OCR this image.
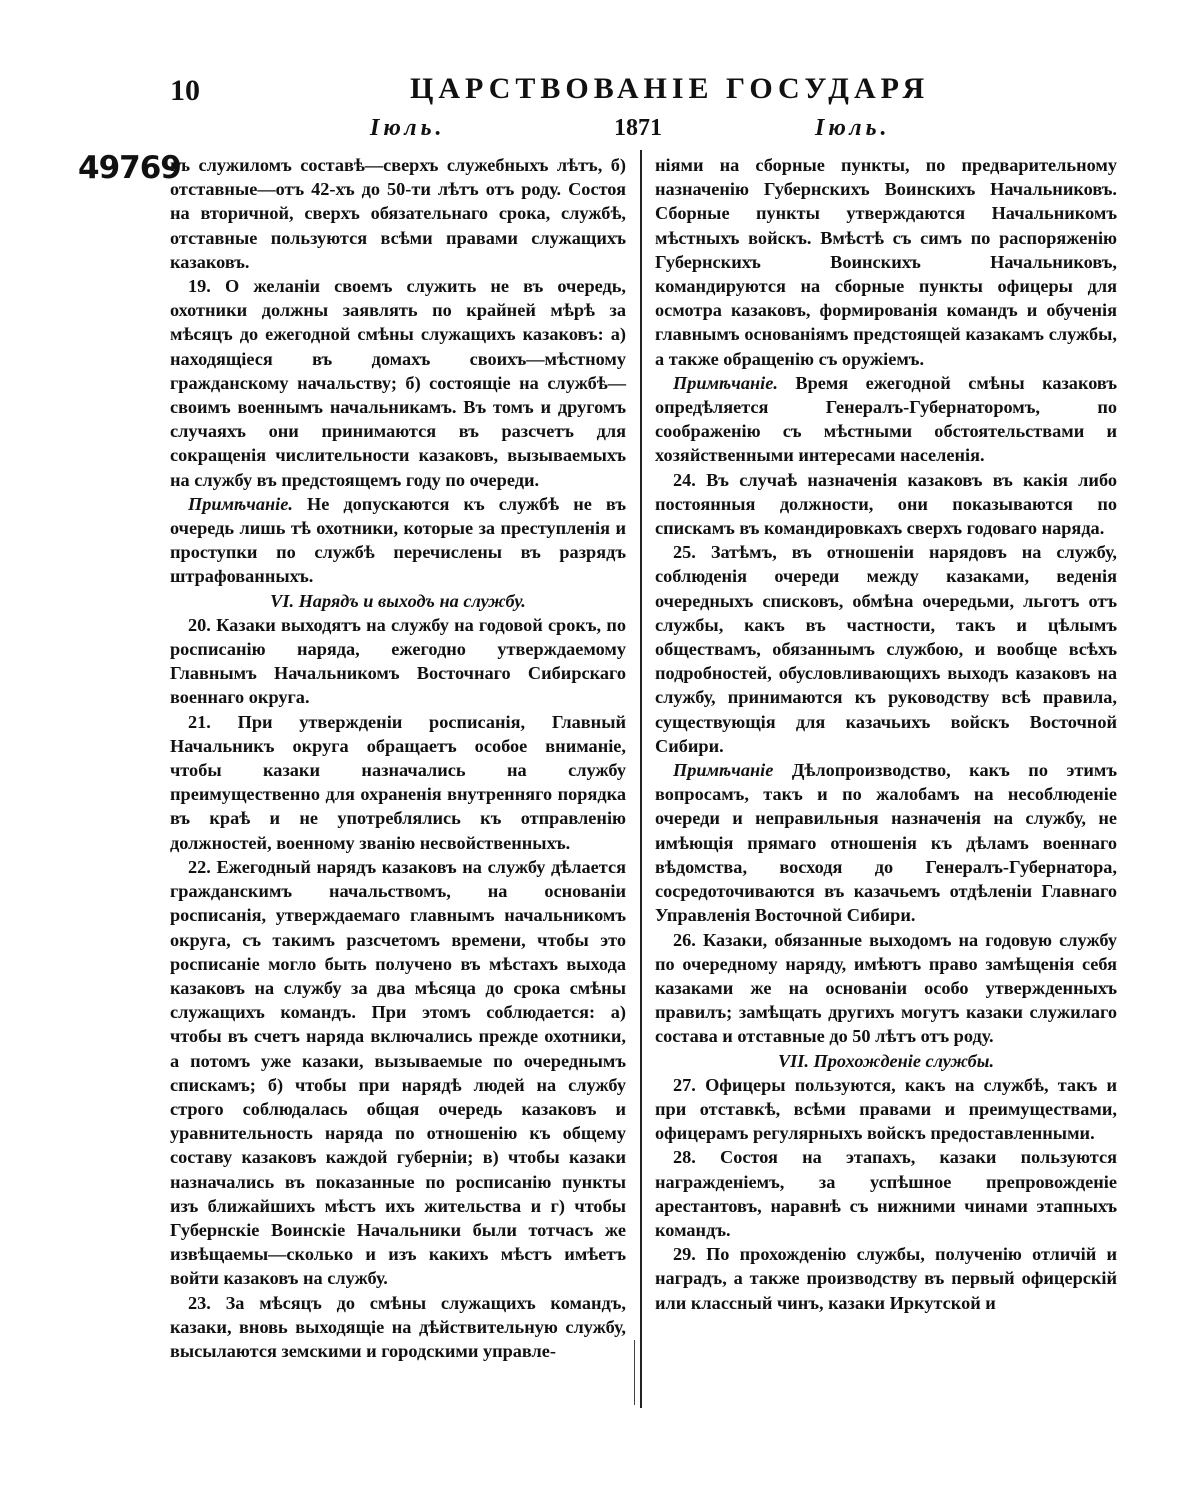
10	ЦАРСТВОВАНІЕ ГОСУДАРЯ
Іюль.	1871	Іюль.
49769

въ служиломъ составѣ—сверхъ служебныхъ лѣтъ, б) отставные—отъ 42-хъ до 50-ти лѣтъ отъ роду. Состоя на вторичной, сверхъ обязательнаго срока, службѣ, отставные пользуются всѣми правами служащихъ казаковъ.

19. О желаніи своемъ служить не въ очередь, охотники должны заявлять по крайней мѣрѣ за мѣсяцъ до ежегодной смѣны служащихъ казаковъ: а) находящіеся въ домахъ своихъ—мѣстному гражданскому начальству; б) состоящіе на службѣ—своимъ военнымъ начальникамъ. Въ томъ и другомъ случаяхъ они принимаются въ разсчетъ для сокращенія числительности казаковъ, вызываемыхъ на службу въ предстоящемъ году по очереди.

Примѣчаніе. Не допускаются къ службѣ не въ очередь лишь тѣ охотники, которые за преступленія и проступки по службѣ перечислены въ разрядъ штрафованныхъ.

VI. Нарядъ и выходъ на службу.

20. Казаки выходятъ на службу на годовой срокъ, по росписанію наряда, ежегодно утверждаемому Главнымъ Начальникомъ Восточнаго Сибирскаго военнаго округа.

21. При утвержденіи росписанія, Главный Начальникъ округа обращаетъ особое вниманіе, чтобы казаки назначались на службу преимущественно для охраненія внутренняго порядка въ краѣ и не употреблялись къ отправленію должностей, военному званію несвойственныхъ.

22. Ежегодный нарядъ казаковъ на службу дѣлается гражданскимъ начальствомъ, на основаніи росписанія, утверждаемаго главнымъ начальникомъ округа, съ такимъ разсчетомъ времени, чтобы это росписаніе могло быть получено въ мѣстахъ выхода казаковъ на службу за два мѣсяца до срока смѣны служащихъ командъ. При этомъ соблюдается: а) чтобы въ счетъ наряда включались прежде охотники, а потомъ уже казаки, вызываемые по очереднымъ спискамъ; б) чтобы при нарядѣ людей на службу строго соблюдалась общая очередь казаковъ и уравнительность наряда по отношенію къ общему составу казаковъ каждой губерніи; в) чтобы казаки назначались въ показанные по росписанію пункты изъ ближайшихъ мѣстъ ихъ жительства и г) чтобы Губернскіе Воинскіе Начальники были тотчасъ же извѣщаемы—сколько и изъ какихъ мѣстъ имѣетъ войти казаковъ на службу.

23. За мѣсяцъ до смѣны служащихъ командъ, казаки, вновь выходящіе на дѣйствительную службу, высылаются земскими и городскими управле-

ніями на сборные пункты, по предварительному назначенію Губернскихъ Воинскихъ Начальниковъ. Сборные пункты утверждаются Начальникомъ мѣстныхъ войскъ. Вмѣстѣ съ симъ по распоряженію Губернскихъ Воинскихъ Начальниковъ, командируются на сборные пункты офицеры для осмотра казаковъ, формированія командъ и обученія главнымъ основаніямъ предстоящей казакамъ службы, а также обращенію съ оружіемъ.

Примѣчаніе. Время ежегодной смѣны казаковъ опредѣляется Генералъ-Губернаторомъ, по соображенію съ мѣстными обстоятельствами и хозяйственными интересами населенія.

24. Въ случаѣ назначенія казаковъ въ какія либо постоянныя должности, они показываются по спискамъ въ командировкахъ сверхъ годоваго наряда.

25. Затѣмъ, въ отношеніи нарядовъ на службу, соблюденія очереди между казаками, веденія очередныхъ списковъ, обмѣна очередьми, льготъ отъ службы, какъ въ частности, такъ и цѣлымъ обществамъ, обязаннымъ службою, и вообще всѣхъ подробностей, обусловливающихъ выходъ казаковъ на службу, принимаются къ руководству всѣ правила, существующія для казачьихъ войскъ Восточной Сибири.

Примѣчаніе Дѣлопроизводство, какъ по этимъ вопросамъ, такъ и по жалобамъ на несоблюденіе очереди и неправильныя назначенія на службу, не имѣющія прямаго отношенія къ дѣламъ военнаго вѣдомства, восходя до Генералъ-Губернатора, сосредоточиваются въ казачьемъ отдѣленіи Главнаго Управленія Восточной Сибири.

26. Казаки, обязанные выходомъ на годовую службу по очередному наряду, имѣютъ право замѣщенія себя казаками же на основаніи особо утвержденныхъ правилъ; замѣщать другихъ могутъ казаки служилаго состава и отставные до 50 лѣтъ отъ роду.

VII. Прохожденіе службы.

27. Офицеры пользуются, какъ на службѣ, такъ и при отставкѣ, всѣми правами и преимуществами, офицерамъ регулярныхъ войскъ предоставленными.

28. Состоя на этапахъ, казаки пользуются награжденіемъ, за успѣшное препровожденіе арестантовъ, наравнѣ съ нижними чинами этапныхъ командъ.

29. По прохожденію службы, полученію отличій и наградъ, а также производству въ первый офицерскій или классный чинъ, казаки Иркутской и
